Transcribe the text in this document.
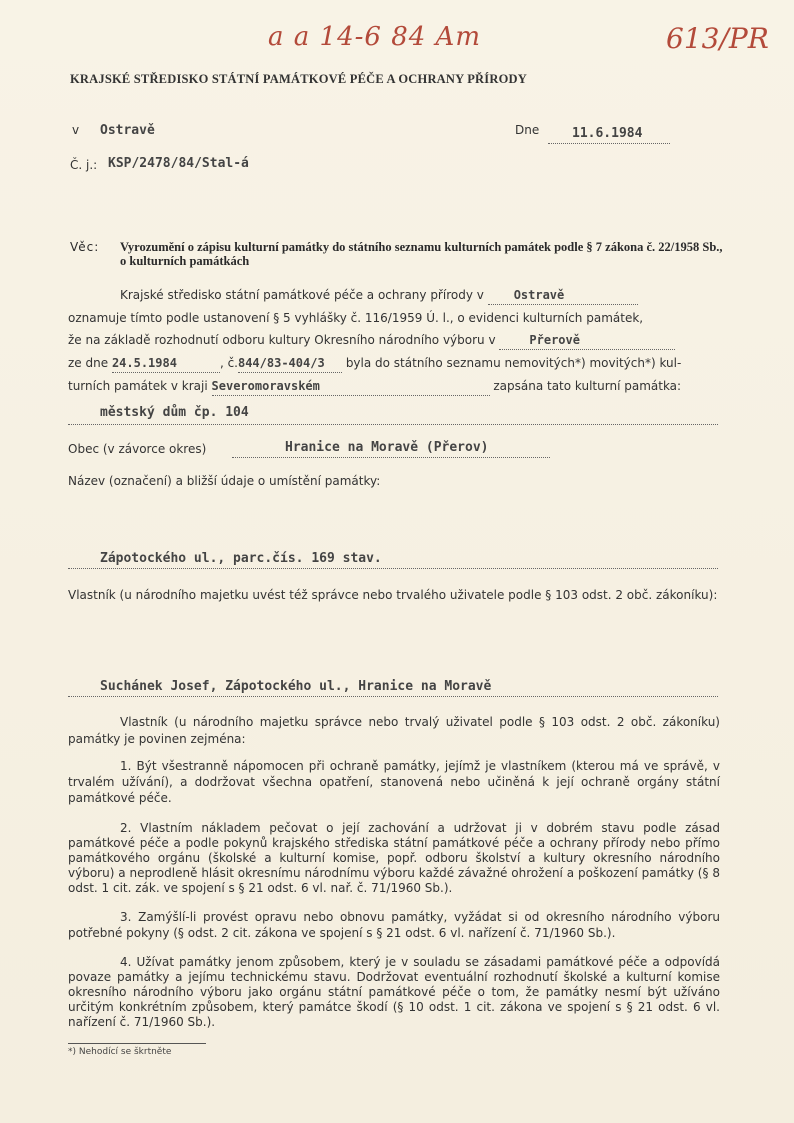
a a 14-6 84 Am	613/PR
KRAJSKÉ STŘEDISKO STÁTNÍ PAMÁTKOVÉ PÉČE A OCHRANY PŘÍRODY
v Ostravě	Dne	11.6.1984
Č. j.: KSP/2478/84/Stal-á
Věc: Vyrozumění o zápisu kulturní památky do státního seznamu kulturních památek podle § 7 zákona č. 22/1958 Sb., o kulturních památkách
Krajské středisko státní památkové péče a ochrany přírody v Ostravě
oznamuje tímto podle ustanovení § 5 vyhlášky č. 116/1959 Ú. l., o evidenci kulturních památek,
že na základě rozhodnutí odboru kultury Okresního národního výboru v	Přerově
ze dne 24.5.1984	, č.844/83-404/3 byla do státního seznamu nemovitých*) movitých*) kul-
turních památek v kraji Severomoravském	zapsána tato kulturní památka:
městský dům čp. 104
Obec (v závorce okres)	Hranice na Moravě (Přerov)
Název (označení) a bližší údaje o umístění památky:
Zápotockého ul., parc.čís. 169 stav.
Vlastník (u národního majetku uvést též správce nebo trvalého uživatele podle § 103 odst. 2 obč. zákoníku):
Suchánek Josef, Zápotockého ul., Hranice na Moravě
Vlastník (u národního majetku správce nebo trvalý uživatel podle § 103 odst. 2 obč. zákoníku) památky je povinen zejména:
1. Být všestranně nápomocen při ochraně památky, jejímž je vlastníkem (kterou má ve správě, v trvalém užívání), a dodržovat všechna opatření, stanovená nebo učiněná k její ochraně orgány státní památkové péče.
2. Vlastním nákladem pečovat o její zachování a udržovat ji v dobrém stavu podle zásad památkové péče a podle pokynů krajského střediska státní památkové péče a ochrany přírody nebo přímo památkového orgánu (školské a kulturní komise, popř. odboru školství a kultury okresního národního výboru) a neprodleně hlásit okresnímu národnímu výboru každé závažné ohrožení a poškození památky (§ 8 odst. 1 cit. zák. ve spojení s § 21 odst. 6 vl. nař. č. 71/1960 Sb.).
3. Zamýšlí-li provést opravu nebo obnovu památky, vyžádat si od okresního národního výboru potřebné pokyny (§ odst. 2 cit. zákona ve spojení s § 21 odst. 6 vl. nařízení č. 71/1960 Sb.).
4. Užívat památky jenom způsobem, který je v souladu se zásadami památkové péče a odpovídá povaze památky a jejímu technickému stavu. Dodržovat eventuální rozhodnutí školské a kulturní komise okresního národního výboru jako orgánu státní památkové péče o tom, že památky nesmí být užíváno určitým konkrétním způsobem, který památce škodí (§ 10 odst. 1 cit. zákona ve spojení s § 21 odst. 6 vl. nařízení č. 71/1960 Sb.).
*) Nehodící se škrtněte
